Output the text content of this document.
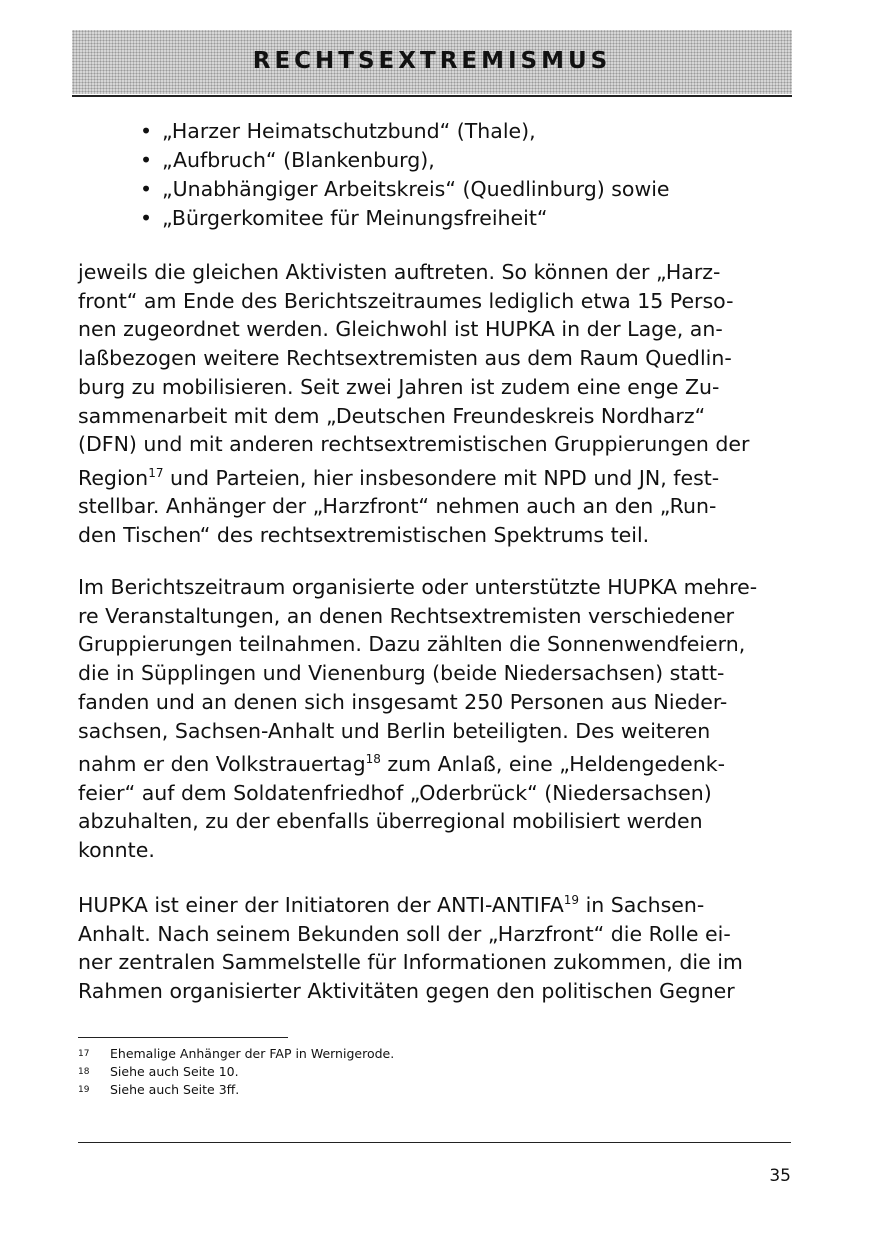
RECHTSEXTREMISMUS
• „Harzer Heimatschutzbund“ (Thale),
• „Aufbruch“ (Blankenburg),
• „Unabhängiger Arbeitskreis“ (Quedlinburg) sowie
• „Bürgerkomitee für Meinungsfreiheit“

jeweils die gleichen Aktivisten auftreten. So können der „Harz-
front“ am Ende des Berichtszeitraumes lediglich etwa 15 Perso-
nen zugeordnet werden. Gleichwohl ist HUPKA in der Lage, an-
laßbezogen weitere Rechtsextremisten aus dem Raum Quedlin-
burg zu mobilisieren. Seit zwei Jahren ist zudem eine enge Zu-
sammenarbeit mit dem „Deutschen Freundeskreis Nordharz“
(DFN) und mit anderen rechtsextremistischen Gruppierungen der
Region$^{17}$ und Parteien, hier insbesondere mit NPD und JN, fest-
stellbar. Anhänger der „Harzfront“ nehmen auch an den „Run-
den Tischen“ des rechtsextremistischen Spektrums teil.

Im Berichtszeitraum organisierte oder unterstützte HUPKA mehre-
re Veranstaltungen, an denen Rechtsextremisten verschiedener
Gruppierungen teilnahmen. Dazu zählten die Sonnenwendfeiern,
die in Süpplingen und Vienenburg (beide Niedersachsen) statt-
fanden und an denen sich insgesamt 250 Personen aus Nieder-
sachsen, Sachsen-Anhalt und Berlin beteiligten. Des weiteren
nahm er den Volkstrauertag$^{18}$ zum Anlaß, eine „Heldengedenk-
feier“ auf dem Soldatenfriedhof „Oderbrück“ (Niedersachsen)
abzuhalten, zu der ebenfalls überregional mobilisiert werden
konnte.

HUPKA ist einer der Initiatoren der ANTI-ANTIFA$^{19}$ in Sachsen-
Anhalt. Nach seinem Bekunden soll der „Harzfront“ die Rolle ei-
ner zentralen Sammelstelle für Informationen zukommen, die im
Rahmen organisierter Aktivitäten gegen den politischen Gegner

17 Ehemalige Anhänger der FAP in Wernigerode.
18 Siehe auch Seite 10.
19 Siehe auch Seite 3ff.
35
